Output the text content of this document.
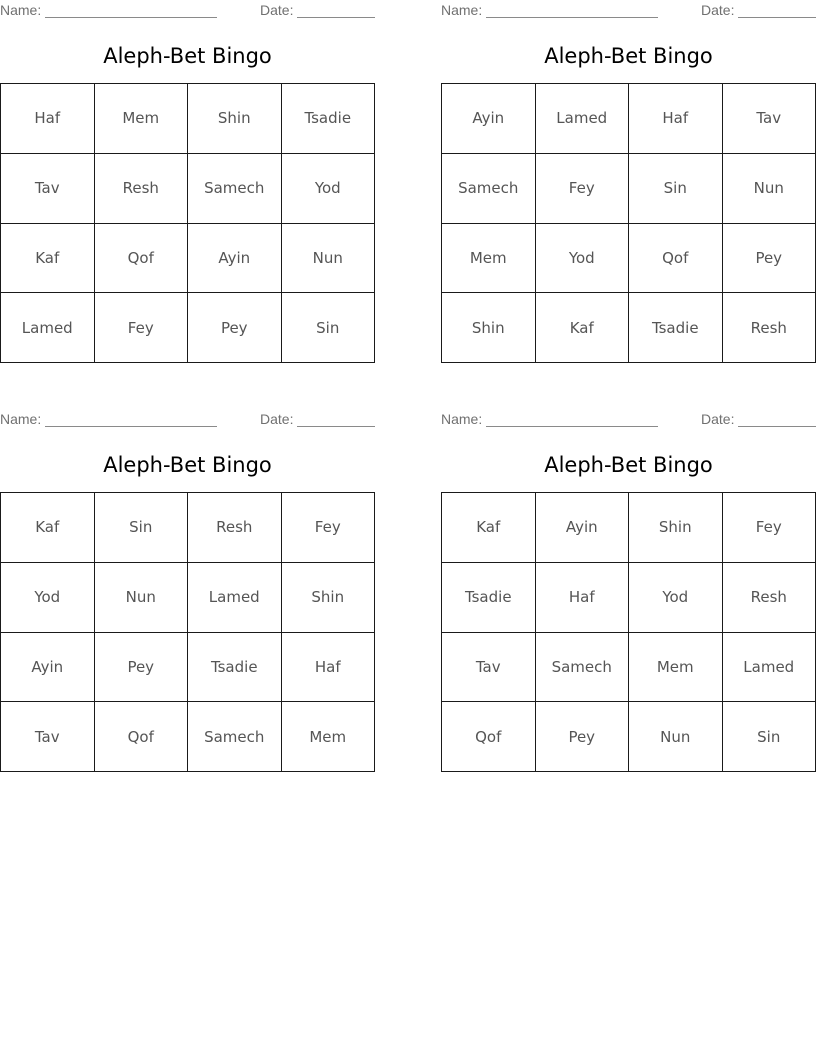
Name:	Date:
Aleph-Bet Bingo
Haf	Mem	Shin	Tsadie
Tav	Resh	Samech	Yod
Kaf	Qof	Ayin	Nun
Lamed	Fey	Pey	Sin
Name:	Date:
Aleph-Bet Bingo
Ayin	Lamed	Haf	Tav
Samech	Fey	Sin	Nun
Mem	Yod	Qof	Pey
Shin	Kaf	Tsadie	Resh
Name:	Date:
Aleph-Bet Bingo
Kaf	Sin	Resh	Fey
Yod	Nun	Lamed	Shin
Ayin	Pey	Tsadie	Haf
Tav	Qof	Samech	Mem
Name:	Date:
Aleph-Bet Bingo
Kaf	Ayin	Shin	Fey
Tsadie	Haf	Yod	Resh
Tav	Samech	Mem	Lamed
Qof	Pey	Nun	Sin
